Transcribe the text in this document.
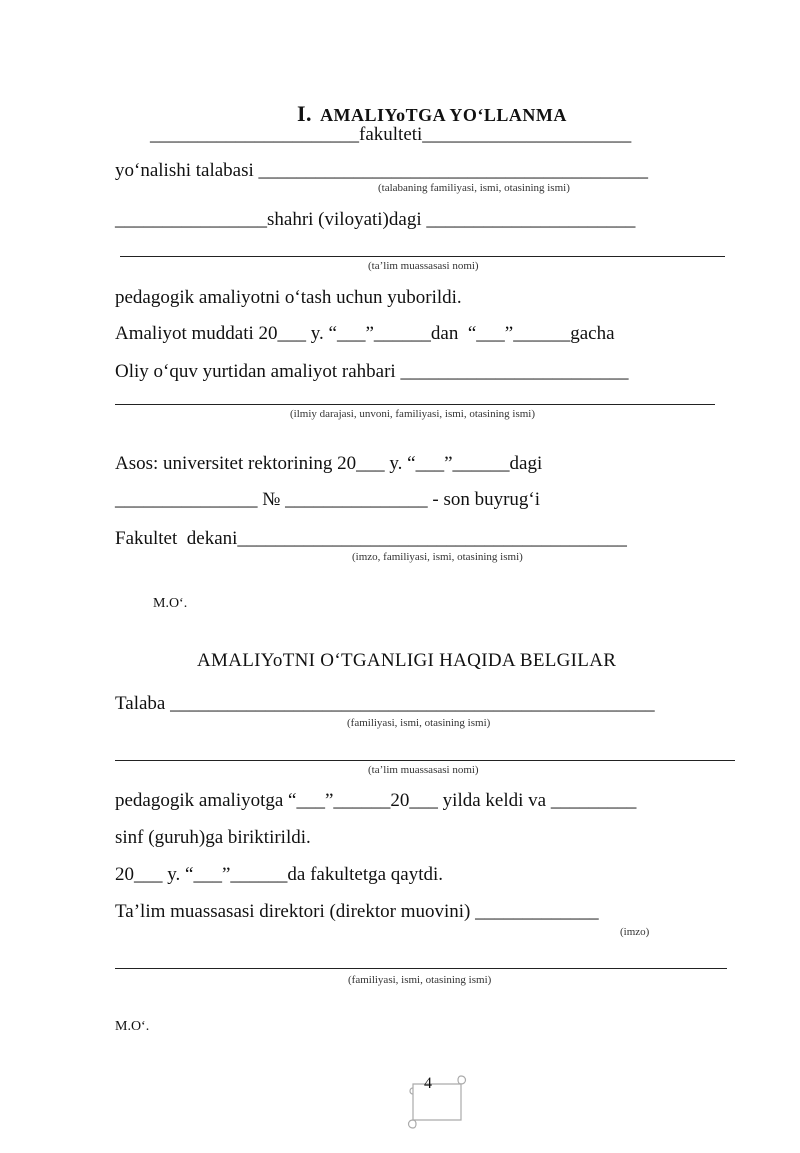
I. AMALIYoTGA YO‘LLANMA

______________________fakulteti______________________
yo‘nalishi talabasi _________________________________________
(talabaning familiyasi, ismi, otasining ismi)
________________shahri (viloyati)dagi ______________________
(ta’lim muassasasi nomi)
pedagogik amaliyotni o‘tash uchun yuborildi.
Amaliyot muddati 20___ y. “___”______dan  “___”______gacha
Oliy o‘quv yurtidan amaliyot rahbari ________________________
(ilmiy darajasi, unvoni, familiyasi, ismi, otasining ismi)
Asos: universitet rektorining 20___ y. “___”______dagi
_______________ № _______________ - son buyrug‘i
Fakultet  dekani_________________________________________
(imzo, familiyasi, ismi, otasining ismi)
M.O‘.
AMALIYoTNI O‘TGANLIGI HAQIDA BELGILAR
Talaba ___________________________________________________
(familiyasi, ismi, otasining ismi)
(ta’lim muassasasi nomi)
pedagogik amaliyotga “___”______20___ yilda keldi va _________
sinf (guruh)ga biriktirildi.
20___ y. “___”______da fakultetga qaytdi.
Ta’lim muassasasi direktori (direktor muovini) _____________
(imzo)
(familiyasi, ismi, otasining ismi)
M.O‘.

4
